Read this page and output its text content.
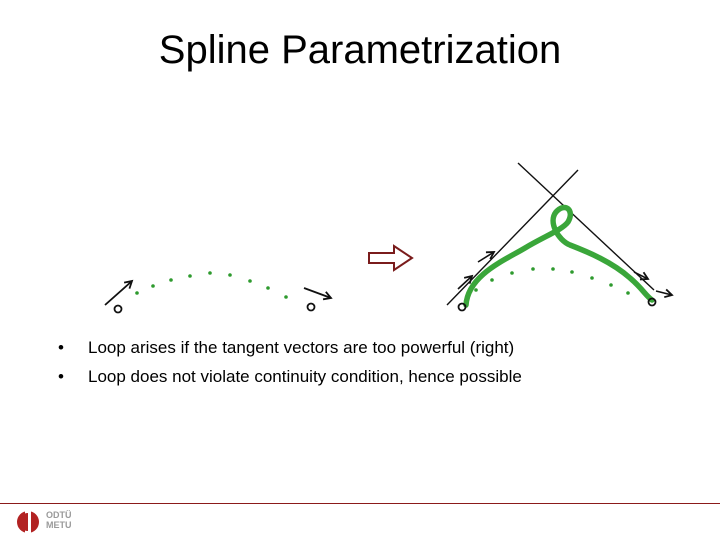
Spline Parametrization
• Loop arises if the tangent vectors are too powerful (right)
• Loop does not violate continuity condition, hence possible
ODTÜ
METU
